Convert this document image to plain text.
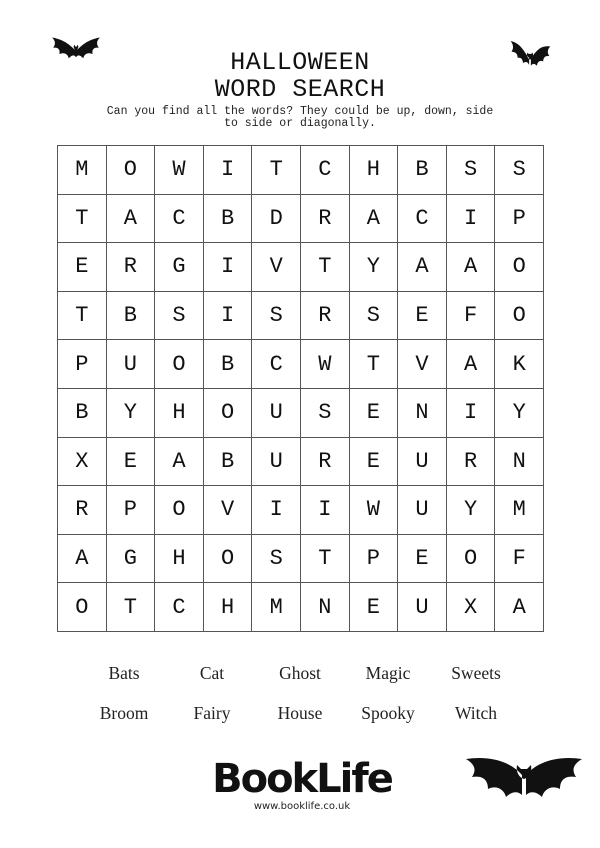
HALLOWEEN
WORD SEARCH
Can you find all the words? They could be up, down, side to side or diagonally.
M	O	W	I	T	C	H	B	S	S
T	A	C	B	D	R	A	C	I	P
E	R	G	I	V	T	Y	A	A	O
T	B	S	I	S	R	S	E	F	O
P	U	O	B	C	W	T	V	A	K
B	Y	H	O	U	S	E	N	I	Y
X	E	A	B	U	R	E	U	R	N
R	P	O	V	I	I	W	U	Y	M
A	G	H	O	S	T	P	E	O	F
O	T	C	H	M	N	E	U	X	A
Bats	Cat	Ghost	Magic	Sweets
Broom	Fairy	House	Spooky	Witch
BookLife
www.booklife.co.uk
